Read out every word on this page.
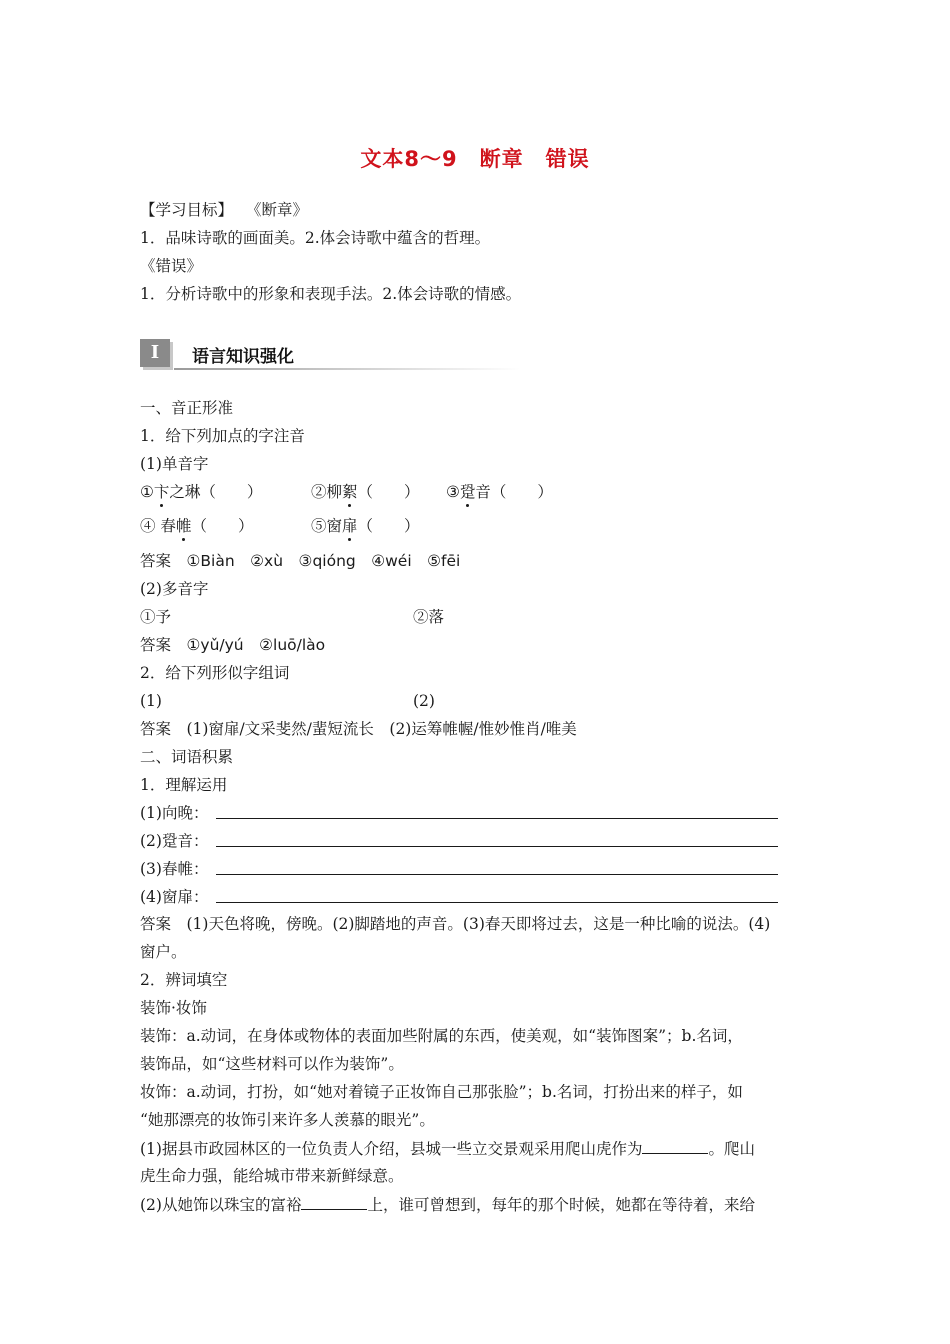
文本8～9　断章　错误
【学习目标】 《断章》
1．品味诗歌的画面美。2.体会诗歌中蕴含的哲理。
《错误》
1．分析诗歌中的形象和表现手法。2.体会诗歌的情感。
I	语言知识强化
一、音正形准
1．给下列加点的字注音
(1)单音字
①卞之琳（　　）	②柳絮（　　） ③跫音（　　）
④ 春帷（　　）	⑤窗扉（　　）
答案　①Biàn　②xù　③qióng　④wéi　⑤fēi
(2)多音字
①予	②落
答案　①yǔ/yú　②luō/lào
2．给下列形似字组词
(1)	(2)
答案　(1)窗扉/文采斐然/蜚短流长　(2)运筹帷幄/惟妙惟肖/唯美
二、词语积累
1．理解运用
(1)向晚：
(2)跫音：
(3)春帷：
(4)窗扉：
答案　(1)天色将晚，傍晚。(2)脚踏地的声音。(3)春天即将过去，这是一种比喻的说法。(4)
窗户。
2．辨词填空
装饰·妆饰
装饰：a.动词，在身体或物体的表面加些附属的东西，使美观，如“装饰图案”；b.名词，
装饰品，如“这些材料可以作为装饰”。
妆饰：a.动词，打扮，如“她对着镜子正妆饰自己那张脸”；b.名词，打扮出来的样子，如
“她那漂亮的妆饰引来许多人羡慕的眼光”。
(1)据县市政园林区的一位负责人介绍，县城一些立交景观采用爬山虎作为	。爬山
虎生命力强，能给城市带来新鲜绿意。
(2)从她饰以珠宝的富裕	上，谁可曾想到，每年的那个时候，她都在等待着，来给
